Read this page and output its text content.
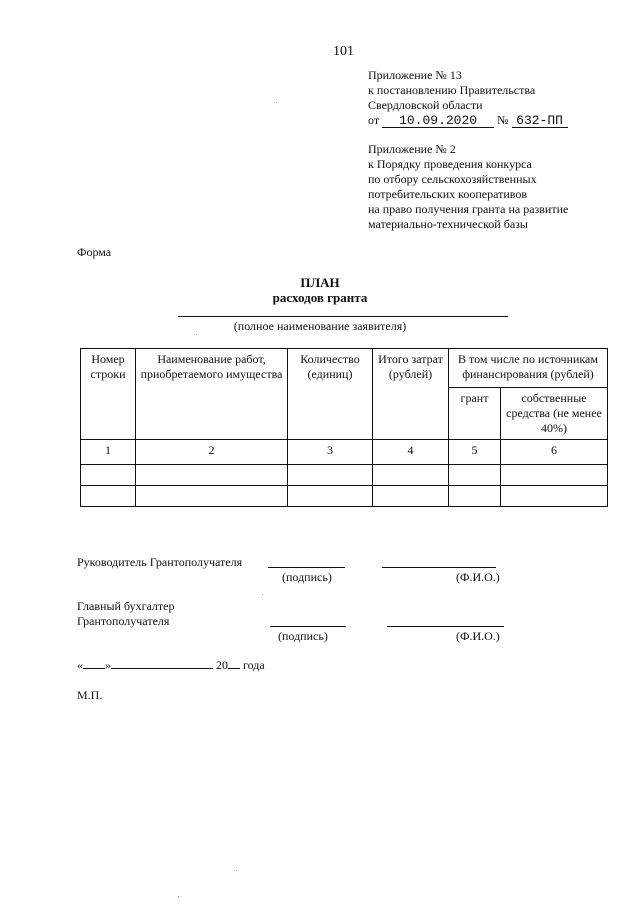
101
Приложение № 13
к постановлению Правительства
Свердловской области
от 10.09.2020 № 632-ПП
Приложение № 2
к Порядку проведения конкурса
по отбору сельскохозяйственных
потребительских кооперативов
на право получения гранта на развитие
материально-технической базы
Форма
ПЛАН
расходов гранта
(полное наименование заявителя)
Номер строки	Наименование работ, приобретаемого имущества	Количество (единиц)	Итого затрат (рублей)	В том числе по источникам финансирования (рублей)	
				грант	собственные средства (не менее 40%)
1	2	3	4	5	6

Руководитель Грантополучателя
(подпись)	(Ф.И.О.)
Главный бухгалтер
Грантополучателя
(подпись)	(Ф.И.О.)
« »	20 года
М.П.
